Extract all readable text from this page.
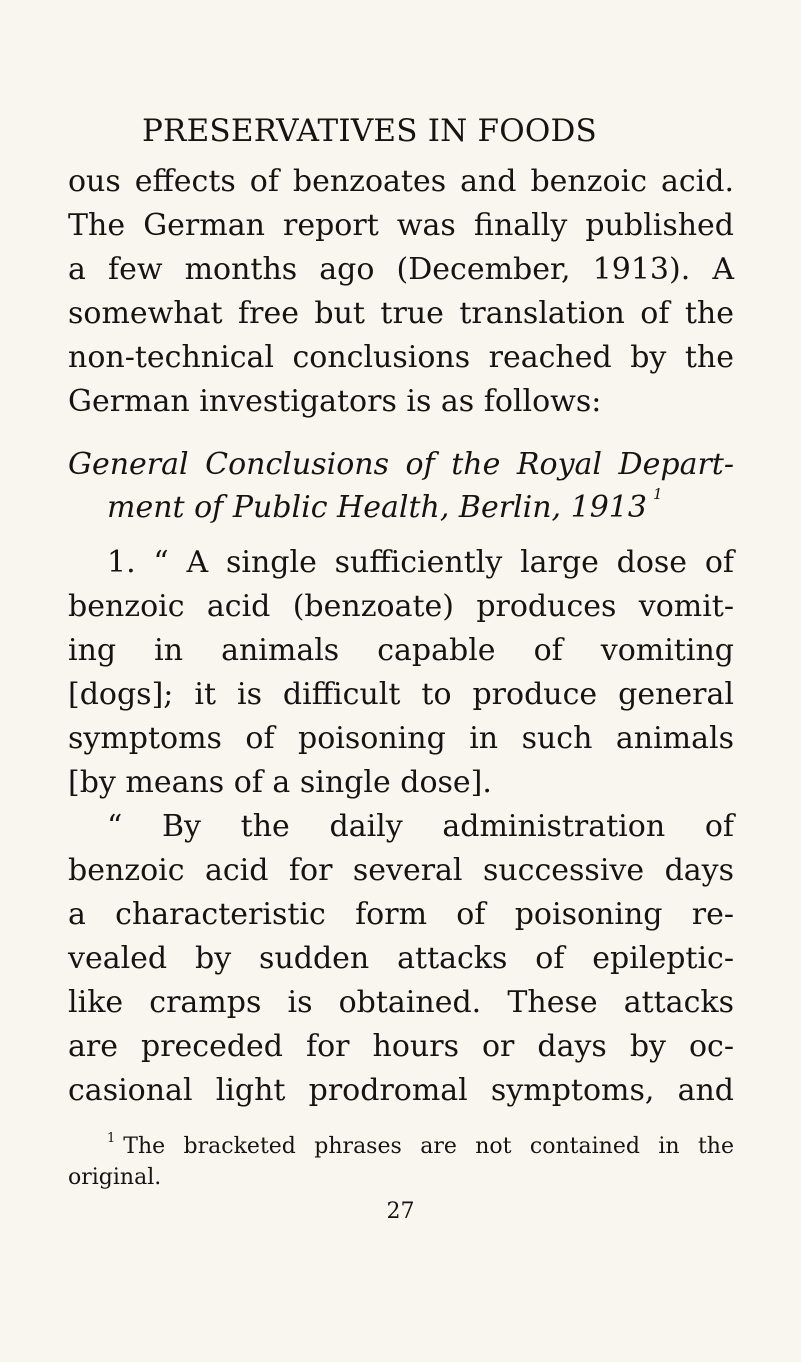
PRESERVATIVES IN FOODS
ous effects of benzoates and benzoic acid.
The German report was finally published
a few months ago (December, 1913). A
somewhat free but true translation of the
non-technical conclusions reached by the
German investigators is as follows:
General Conclusions of the Royal Depart-
ment of Public Health, Berlin, 1913 $^1$
1. “ A single sufficiently large dose of
benzoic acid (benzoate) produces vomit-
ing in animals capable of vomiting
[dogs]; it is difficult to produce general
symptoms of poisoning in such animals
[by means of a single dose].
“ By the daily administration of
benzoic acid for several successive days
a characteristic form of poisoning re-
vealed by sudden attacks of epileptic-
like cramps is obtained. These attacks
are preceded for hours or days by oc-
casional light prodromal symptoms, and
$^1$ The bracketed phrases are not contained in the
original.
27
